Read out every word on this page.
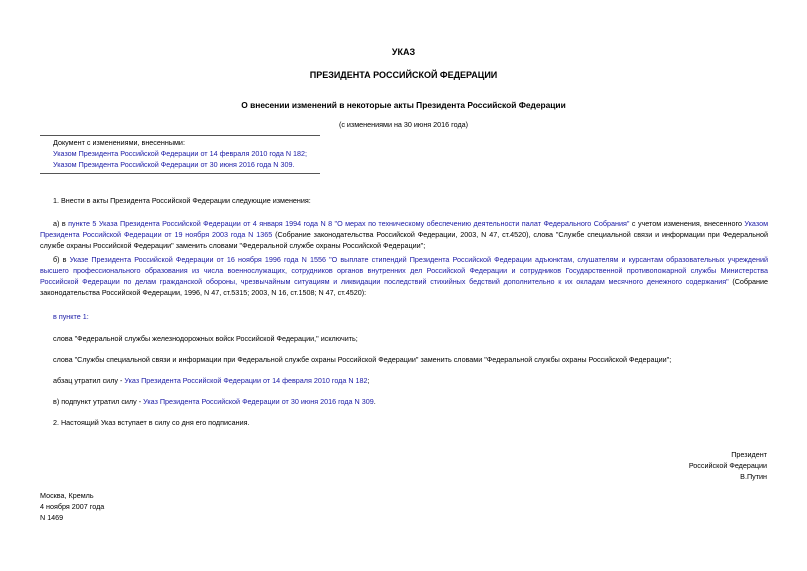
УКАЗ
ПРЕЗИДЕНТА РОССИЙСКОЙ ФЕДЕРАЦИИ
О внесении изменений в некоторые акты Президента Российской Федерации
(с изменениями на 30 июня 2016 года)
Документ с изменениями, внесенными:
Указом Президента Российской Федерации от 14 февраля 2010 года N 182;
Указом Президента Российской Федерации от 30 июня 2016 года N 309.
1. Внести в акты Президента Российской Федерации следующие изменения:
а) в пункте 5 Указа Президента Российской Федерации от 4 января 1994 года N 8 "О мерах по техническому обеспечению деятельности палат Федерального Собрания" с учетом изменения, внесенного Указом Президента Российской Федерации от 19 ноября 2003 года N 1365 (Собрание законодательства Российской Федерации, 2003, N 47, ст.4520), слова "Службе специальной связи и информации при Федеральной службе охраны Российской Федерации" заменить словами "Федеральной службе охраны Российской Федерации";
б) в Указе Президента Российской Федерации от 16 ноября 1996 года N 1556 "О выплате стипендий Президента Российской Федерации адъюнктам, слушателям и курсантам образовательных учреждений высшего профессионального образования из числа военнослужащих, сотрудников органов внутренних дел Российской Федерации и сотрудников Государственной противопожарной службы Министерства Российской Федерации по делам гражданской обороны, чрезвычайным ситуациям и ликвидации последствий стихийных бедствий дополнительно к их окладам месячного денежного содержания" (Собрание законодательства Российской Федерации, 1996, N 47, ст.5315; 2003, N 16, ст.1508; N 47, ст.4520):
в пункте 1:
слова "Федеральной службы железнодорожных войск Российской Федерации," исключить;
слова "Службы специальной связи и информации при Федеральной службе охраны Российской Федерации" заменить словами "Федеральной службы охраны Российской Федерации";
абзац утратил силу - Указ Президента Российской Федерации от 14 февраля 2010 года N 182;
в) подпункт утратил силу - Указ Президента Российской Федерации от 30 июня 2016 года N 309.
2. Настоящий Указ вступает в силу со дня его подписания.
Президент
Российской Федерации
В.Путин
Москва, Кремль
4 ноября 2007 года
N 1469
